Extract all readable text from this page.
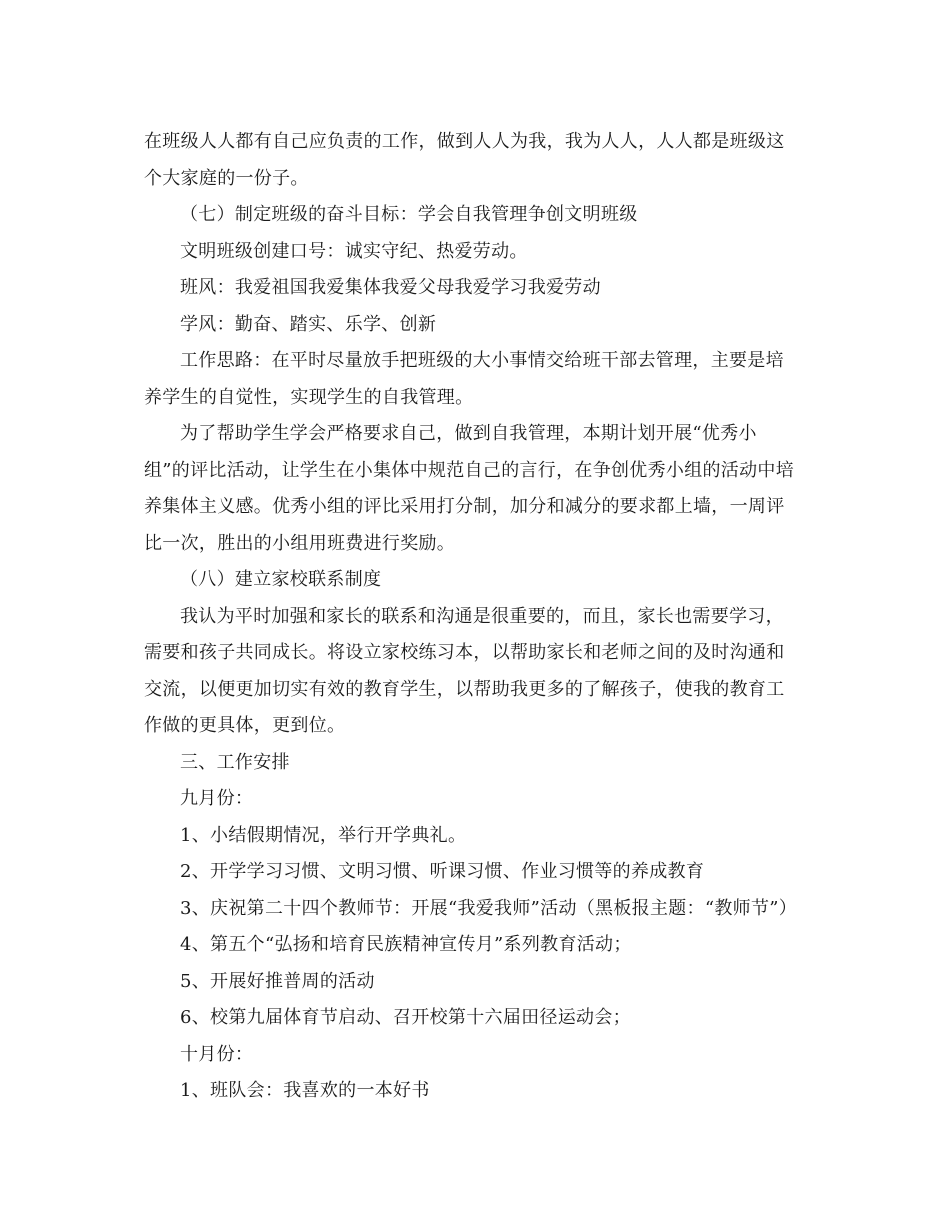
在班级人人都有自己应负责的工作，做到人人为我，我为人人，人人都是班级这
个大家庭的一份子。
（七）制定班级的奋斗目标：学会自我管理争创文明班级
文明班级创建口号：诚实守纪、热爱劳动。
班风：我爱祖国我爱集体我爱父母我爱学习我爱劳动
学风：勤奋、踏实、乐学、创新
工作思路：在平时尽量放手把班级的大小事情交给班干部去管理，主要是培
养学生的自觉性，实现学生的自我管理。
为了帮助学生学会严格要求自己，做到自我管理，本期计划开展“优秀小
组”的评比活动，让学生在小集体中规范自己的言行，在争创优秀小组的活动中培
养集体主义感。优秀小组的评比采用打分制，加分和减分的要求都上墙，一周评
比一次，胜出的小组用班费进行奖励。
（八）建立家校联系制度
我认为平时加强和家长的联系和沟通是很重要的，而且，家长也需要学习，
需要和孩子共同成长。将设立家校练习本，以帮助家长和老师之间的及时沟通和
交流，以便更加切实有效的教育学生，以帮助我更多的了解孩子，使我的教育工
作做的更具体，更到位。
三、工作安排
九月份：
1、小结假期情况，举行开学典礼。
2、开学学习习惯、文明习惯、听课习惯、作业习惯等的养成教育
3、庆祝第二十四个教师节：开展“我爱我师”活动（黑板报主题：“教师节”）
4、第五个“弘扬和培育民族精神宣传月”系列教育活动；
5、开展好推普周的活动
6、校第九届体育节启动、召开校第十六届田径运动会；
十月份：
1、班队会：我喜欢的一本好书
